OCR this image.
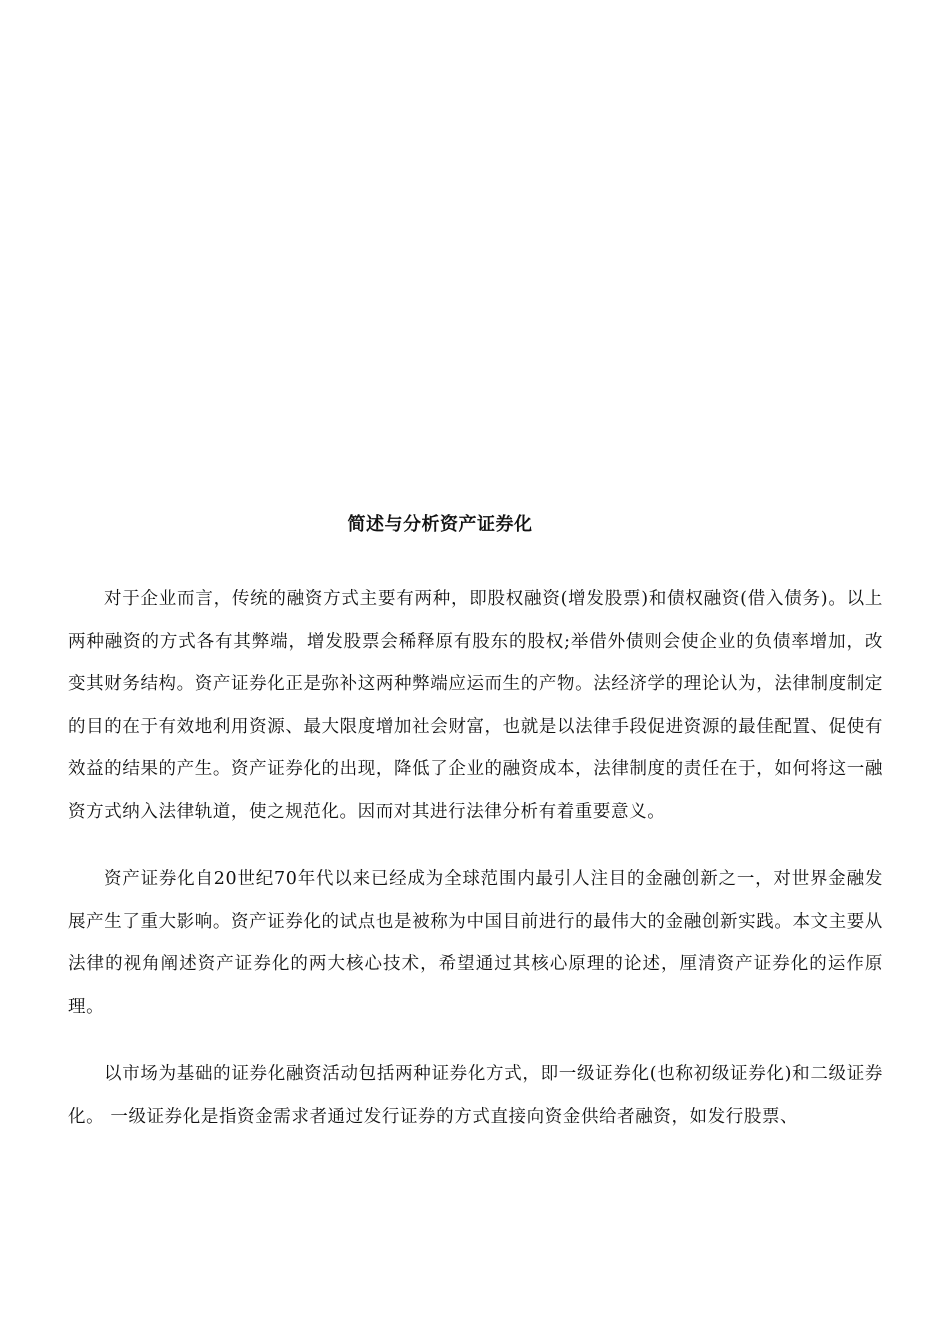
简述与分析资产证券化

对于企业而言，传统的融资方式主要有两种，即股权融资(增发股票)和债权融资(借入债务)。以上两种融资的方式各有其弊端，增发股票会稀释原有股东的股权;举借外债则会使企业的负债率增加，改变其财务结构。资产证券化正是弥补这两种弊端应运而生的产物。法经济学的理论认为，法律制度制定的目的在于有效地利用资源、最大限度增加社会财富，也就是以法律手段促进资源的最佳配置、促使有效益的结果的产生。资产证券化的出现，降低了企业的融资成本，法律制度的责任在于，如何将这一融资方式纳入法律轨道，使之规范化。因而对其进行法律分析有着重要意义。

资产证券化自20世纪70年代以来已经成为全球范围内最引人注目的金融创新之一，对世界金融发展产生了重大影响。资产证券化的试点也是被称为中国目前进行的最伟大的金融创新实践。本文主要从法律的视角阐述资产证券化的两大核心技术，希望通过其核心原理的论述，厘清资产证券化的运作原理。

以市场为基础的证券化融资活动包括两种证券化方式，即一级证券化(也称初级证券化)和二级证券化。 一级证券化是指资金需求者通过发行证券的方式直接向资金供给者融资，如发行股票、
